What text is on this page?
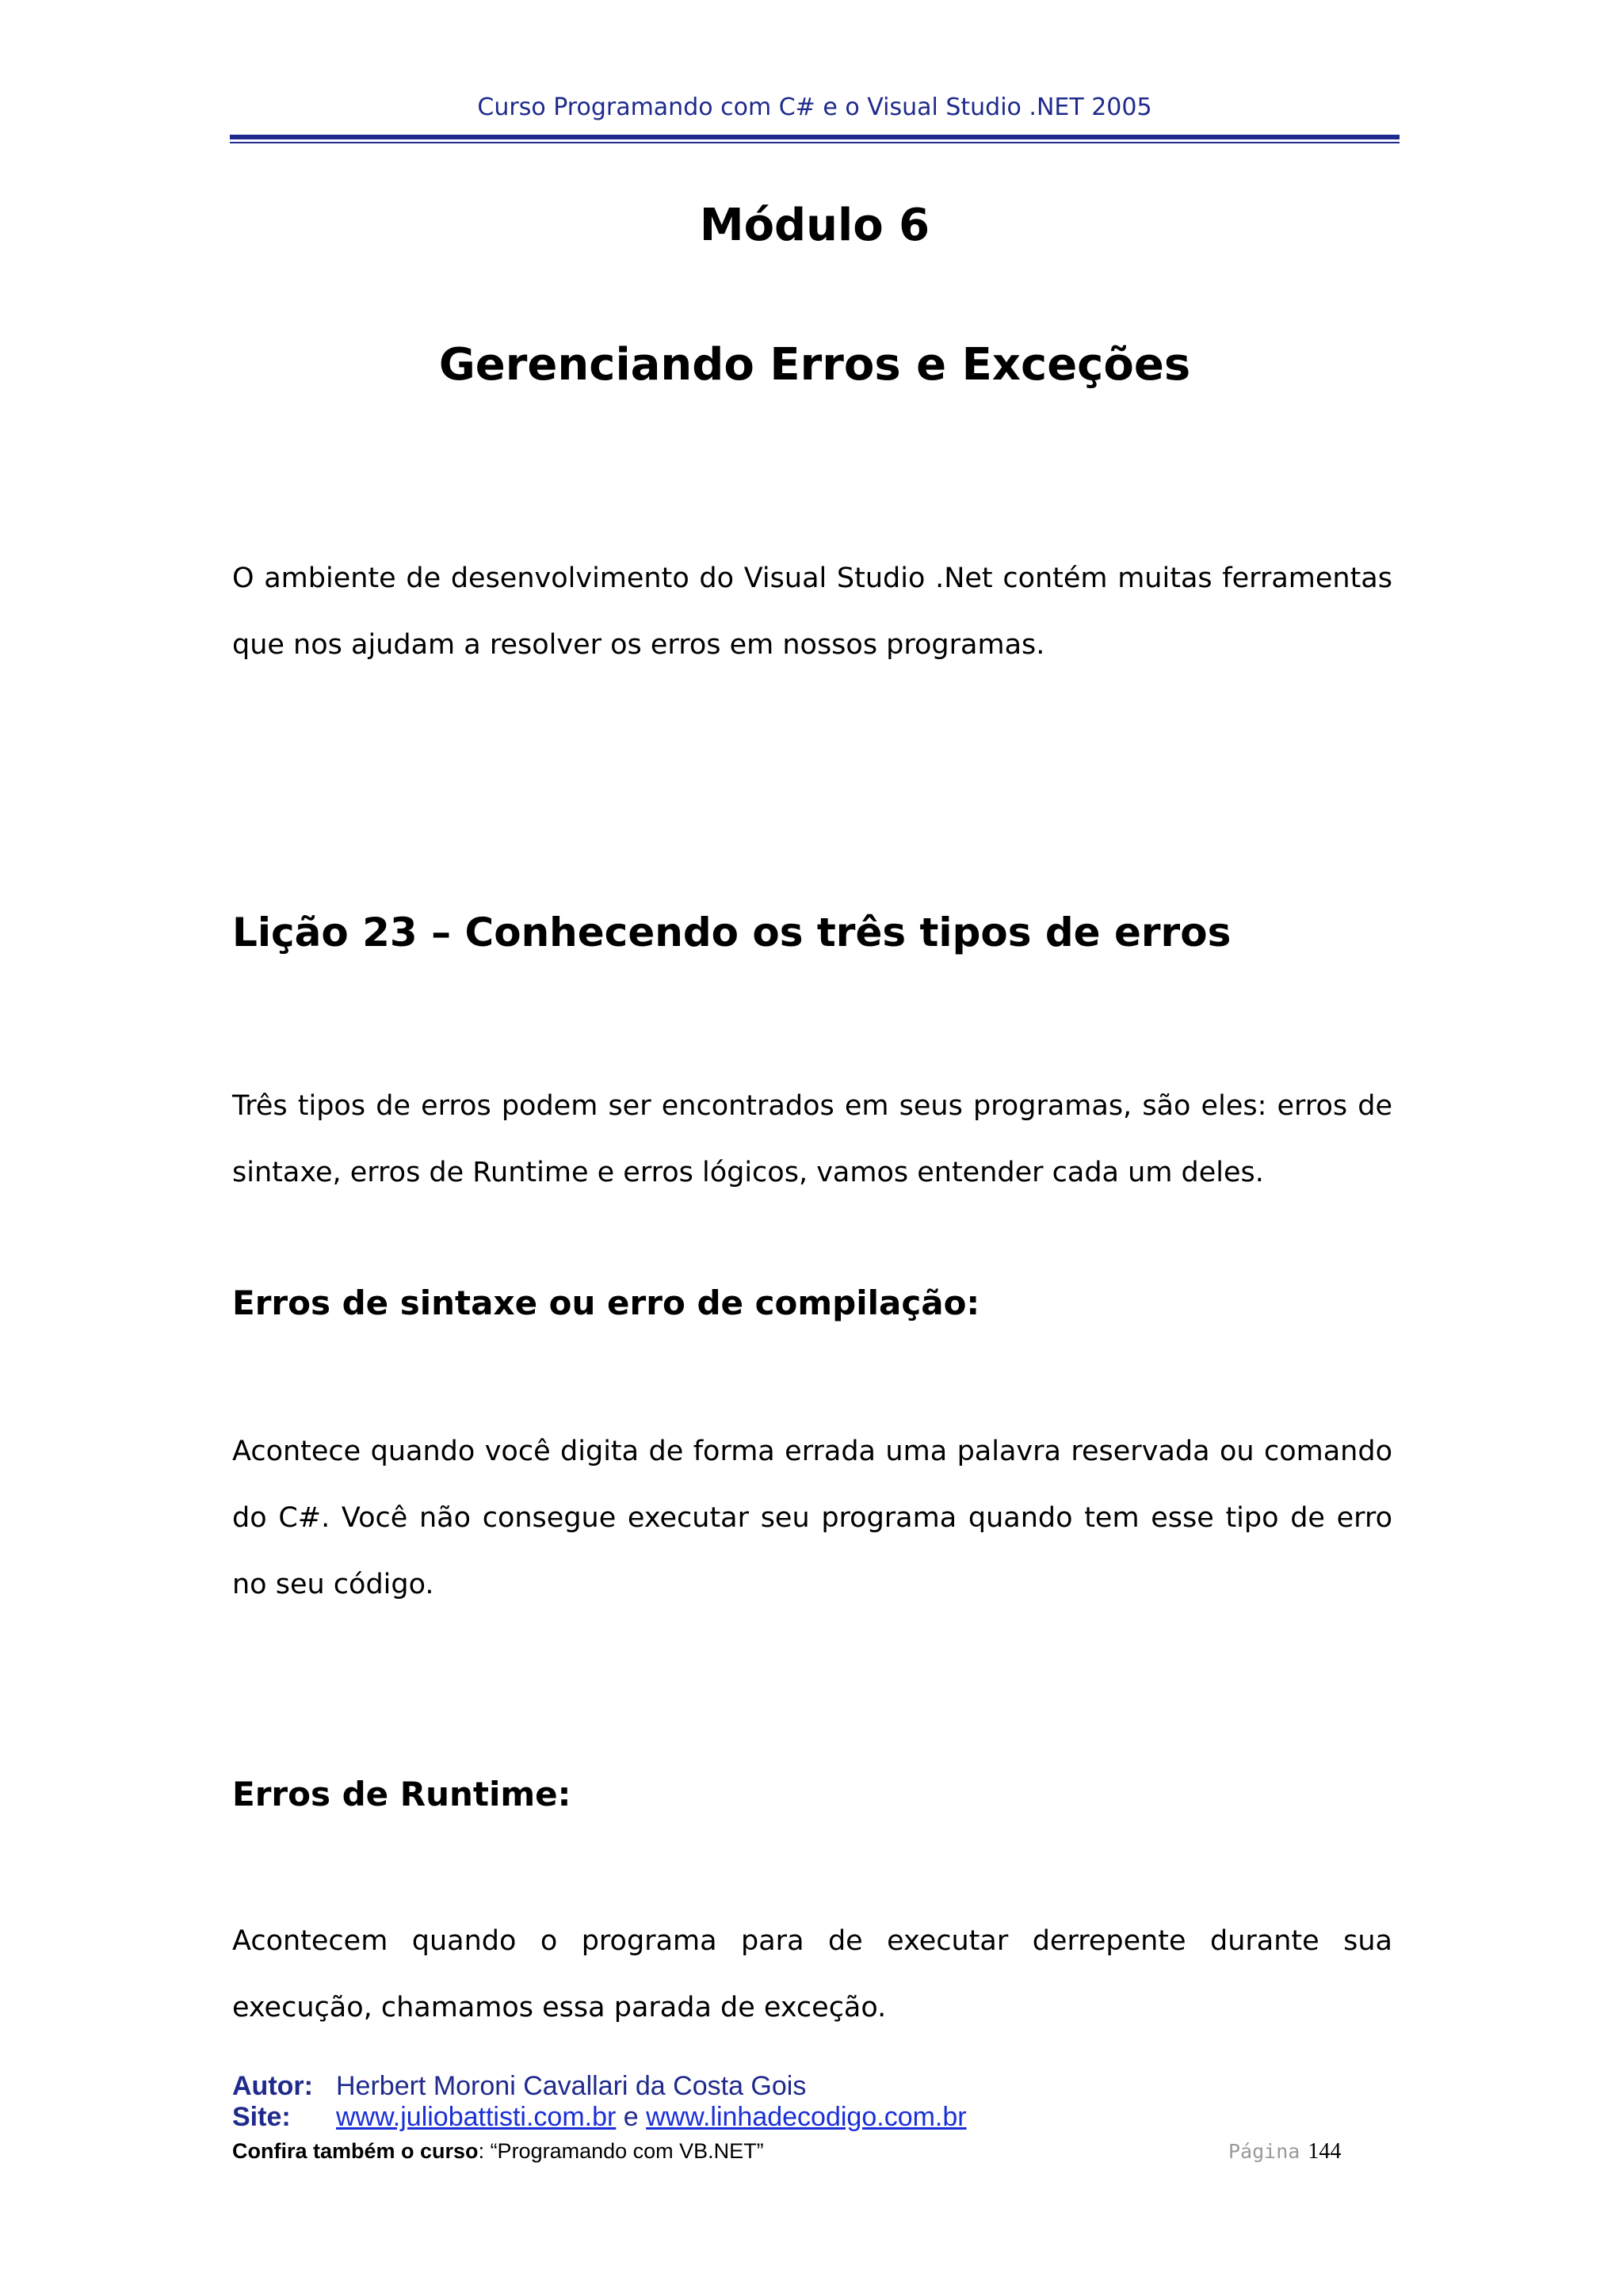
Curso Programando com C# e o Visual Studio .NET 2005
Módulo 6
Gerenciando Erros e Exceções

O ambiente de desenvolvimento do Visual Studio .Net contém muitas ferramentas que nos ajudam a resolver os erros em nossos programas.

Lição 23 – Conhecendo os três tipos de erros

Três tipos de erros podem ser encontrados em seus programas, são eles: erros de sintaxe, erros de Runtime e erros lógicos, vamos entender cada um deles.

Erros de sintaxe ou erro de compilação:

Acontece quando você digita de forma errada uma palavra reservada ou comando do C#. Você não consegue executar seu programa quando tem esse tipo de erro no seu código.

Erros de Runtime:

Acontecem quando o programa para de executar derrepente durante sua execução, chamamos essa parada de exceção.

Autor: Herbert Moroni Cavallari da Costa Gois
Site: www.juliobattisti.com.br e www.linhadecodigo.com.br
Confira também o curso: “Programando com VB.NET”	Página 144
